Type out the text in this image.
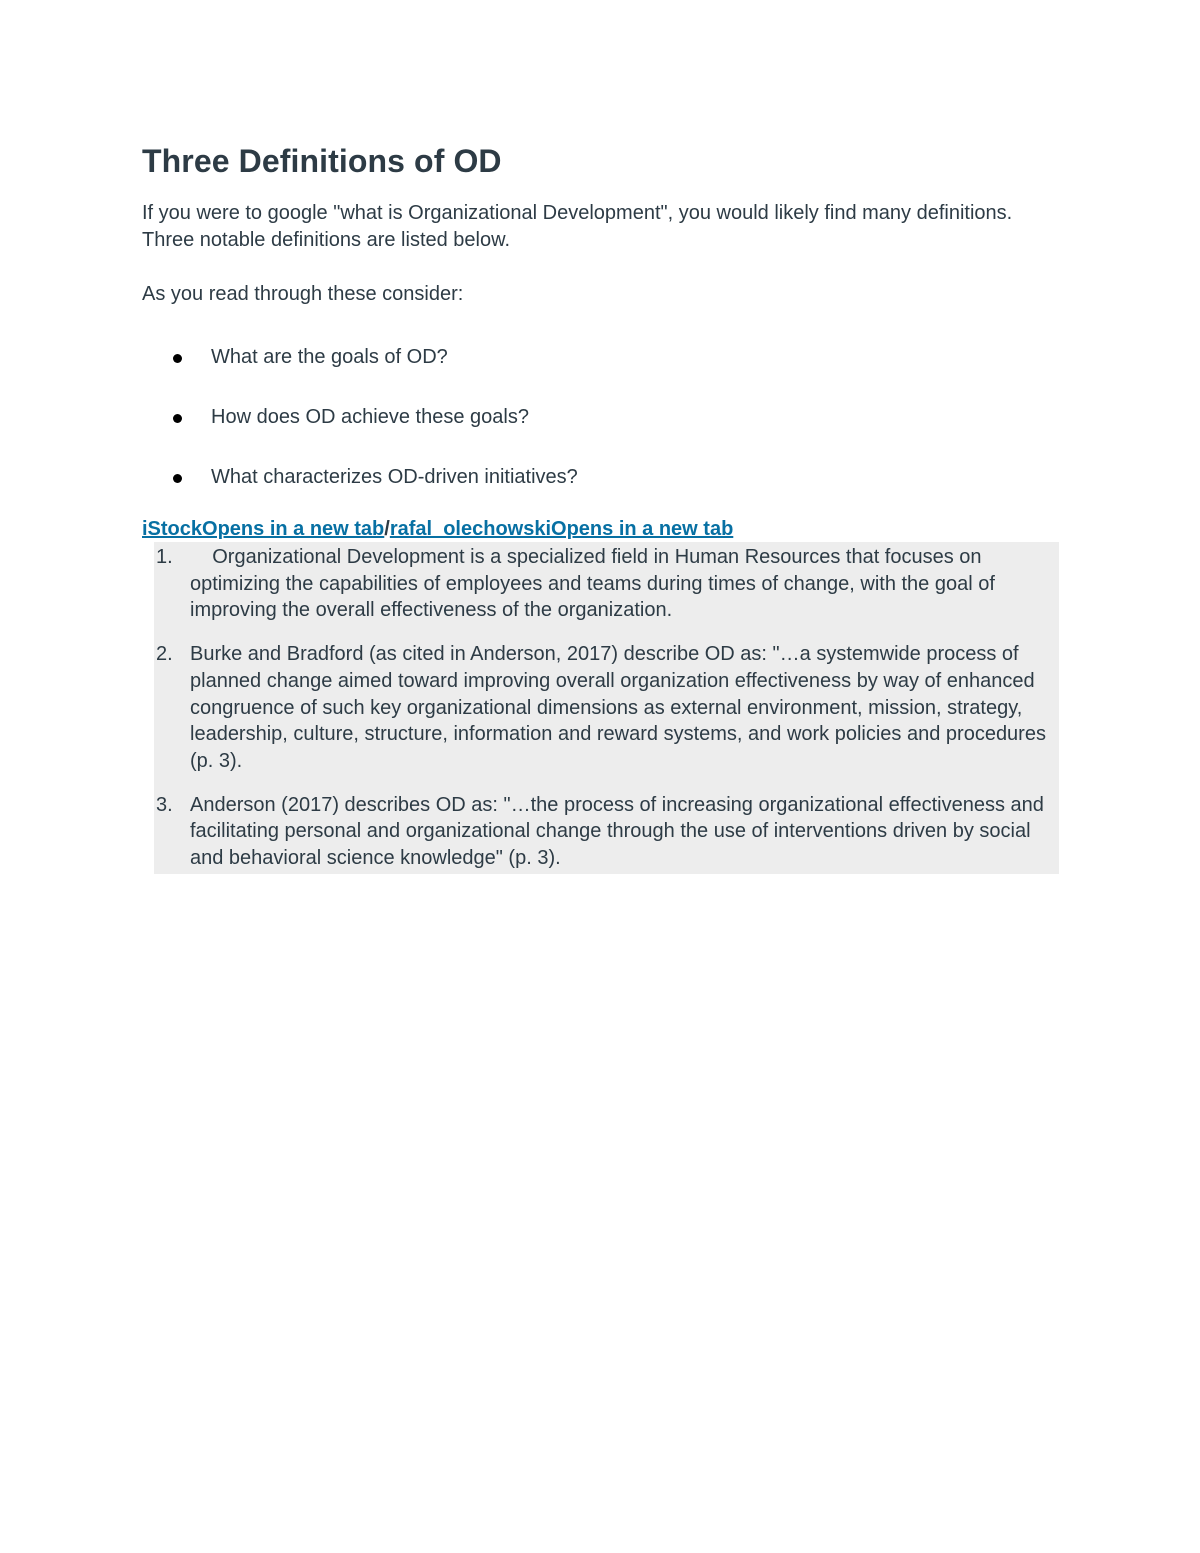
Three Definitions of OD

If you were to google "what is Organizational Development", you would likely find many definitions. Three notable definitions are listed below.

As you read through these consider:

What are the goals of OD?
How does OD achieve these goals?
What characterizes OD-driven initiatives?
iStockOpens in a new tab/rafal_olechowskiOpens in a new tab
1. Organizational Development is a specialized field in Human Resources that focuses on optimizing the capabilities of employees and teams during times of change, with the goal of improving the overall effectiveness of the organization.
2. Burke and Bradford (as cited in Anderson, 2017) describe OD as: "…a systemwide process of planned change aimed toward improving overall organization effectiveness by way of enhanced congruence of such key organizational dimensions as external environment, mission, strategy, leadership, culture, structure, information and reward systems, and work policies and procedures (p. 3).
3. Anderson (2017) describes OD as: "…the process of increasing organizational effectiveness and facilitating personal and organizational change through the use of interventions driven by social and behavioral science knowledge" (p. 3).
